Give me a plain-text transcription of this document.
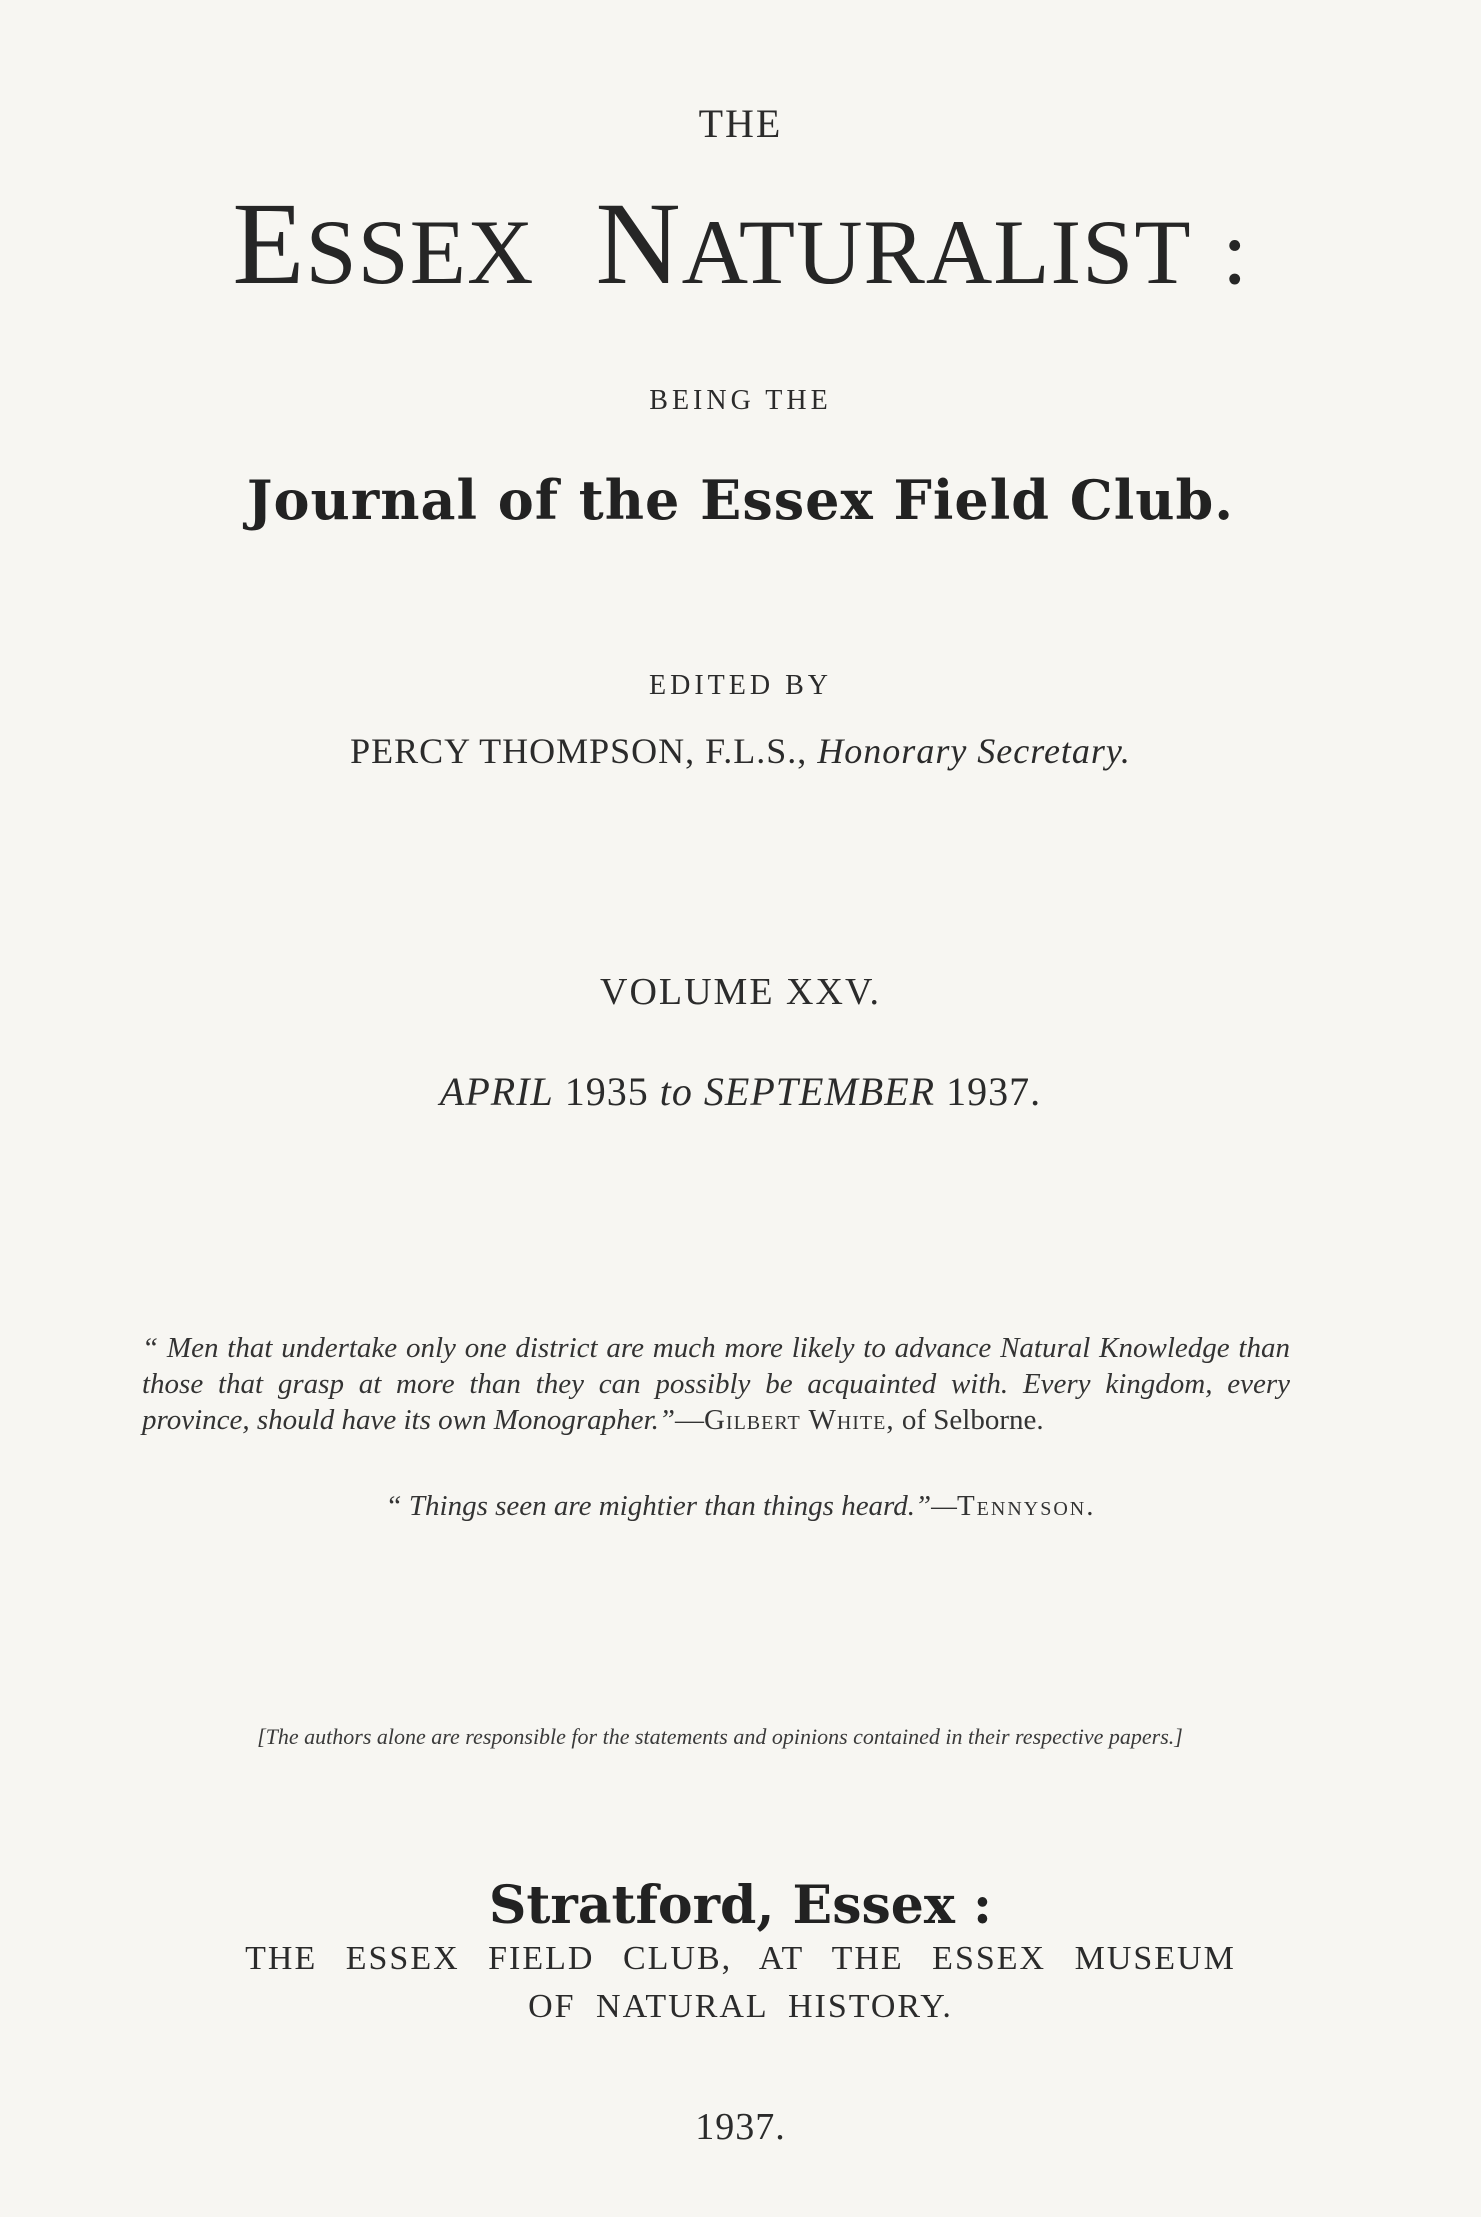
THE
ESSEX NATURALIST :
BEING THE
Journal of the Essex Field Club.
EDITED BY
PERCY THOMPSON, F.L.S., Honorary Secretary.
VOLUME XXV.
APRIL 1935 to SEPTEMBER 1937.
“ Men that undertake only one district are much more likely to advance Natural Knowledge than those that grasp at more than they can possibly be acquainted with. Every kingdom, every province, should have its own Monographer.”—Gilbert White, of Selborne.
“ Things seen are mightier than things heard.”—Tennyson.
[The authors alone are responsible for the statements and opinions contained in their respective papers.]
Stratford, Essex :
THE ESSEX FIELD CLUB, AT THE ESSEX MUSEUM
OF NATURAL HISTORY.
1937.
